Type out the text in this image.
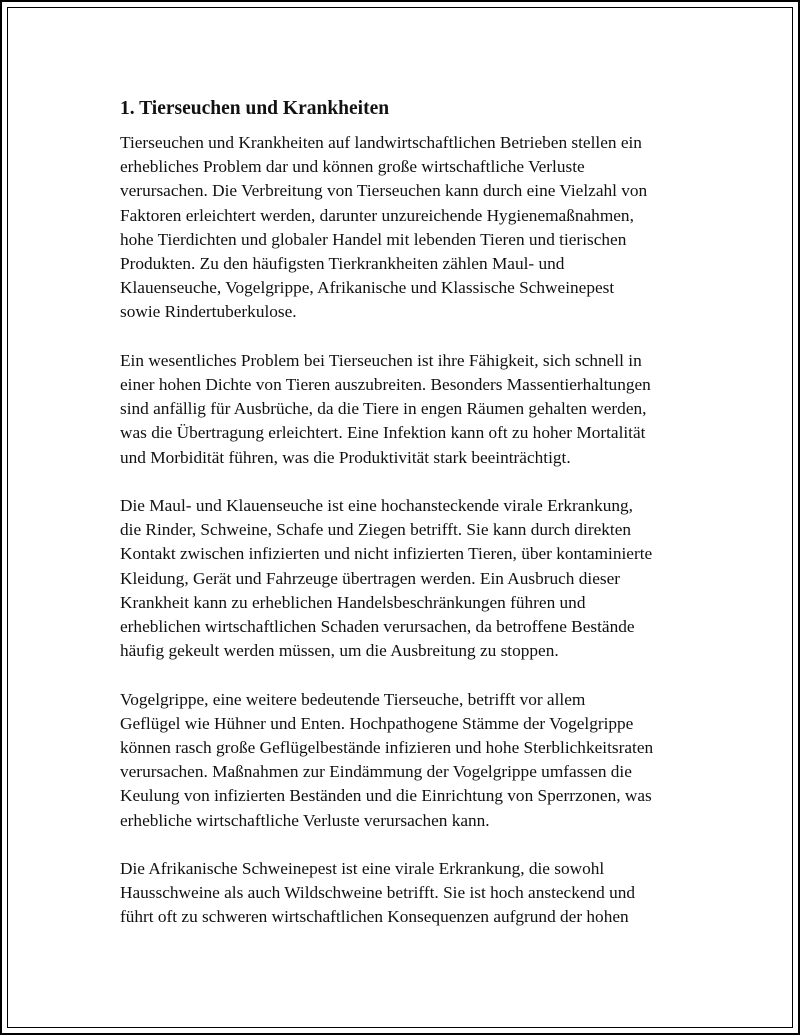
1. Tierseuchen und Krankheiten

Tierseuchen und Krankheiten auf landwirtschaftlichen Betrieben stellen ein
erhebliches Problem dar und können große wirtschaftliche Verluste
verursachen. Die Verbreitung von Tierseuchen kann durch eine Vielzahl von
Faktoren erleichtert werden, darunter unzureichende Hygienemaßnahmen,
hohe Tierdichten und globaler Handel mit lebenden Tieren und tierischen
Produkten. Zu den häufigsten Tierkrankheiten zählen Maul- und
Klauenseuche, Vogelgrippe, Afrikanische und Klassische Schweinepest
sowie Rindertuberkulose.

Ein wesentliches Problem bei Tierseuchen ist ihre Fähigkeit, sich schnell in
einer hohen Dichte von Tieren auszubreiten. Besonders Massentierhaltungen
sind anfällig für Ausbrüche, da die Tiere in engen Räumen gehalten werden,
was die Übertragung erleichtert. Eine Infektion kann oft zu hoher Mortalität
und Morbidität führen, was die Produktivität stark beeinträchtigt.

Die Maul- und Klauenseuche ist eine hochansteckende virale Erkrankung,
die Rinder, Schweine, Schafe und Ziegen betrifft. Sie kann durch direkten
Kontakt zwischen infizierten und nicht infizierten Tieren, über kontaminierte
Kleidung, Gerät und Fahrzeuge übertragen werden. Ein Ausbruch dieser
Krankheit kann zu erheblichen Handelsbeschränkungen führen und
erheblichen wirtschaftlichen Schaden verursachen, da betroffene Bestände
häufig gekeult werden müssen, um die Ausbreitung zu stoppen.

Vogelgrippe, eine weitere bedeutende Tierseuche, betrifft vor allem
Geflügel wie Hühner und Enten. Hochpathogene Stämme der Vogelgrippe
können rasch große Geflügelbestände infizieren und hohe Sterblichkeitsraten
verursachen. Maßnahmen zur Eindämmung der Vogelgrippe umfassen die
Keulung von infizierten Beständen und die Einrichtung von Sperrzonen, was
erhebliche wirtschaftliche Verluste verursachen kann.

Die Afrikanische Schweinepest ist eine virale Erkrankung, die sowohl
Hausschweine als auch Wildschweine betrifft. Sie ist hoch ansteckend und
führt oft zu schweren wirtschaftlichen Konsequenzen aufgrund der hohen
